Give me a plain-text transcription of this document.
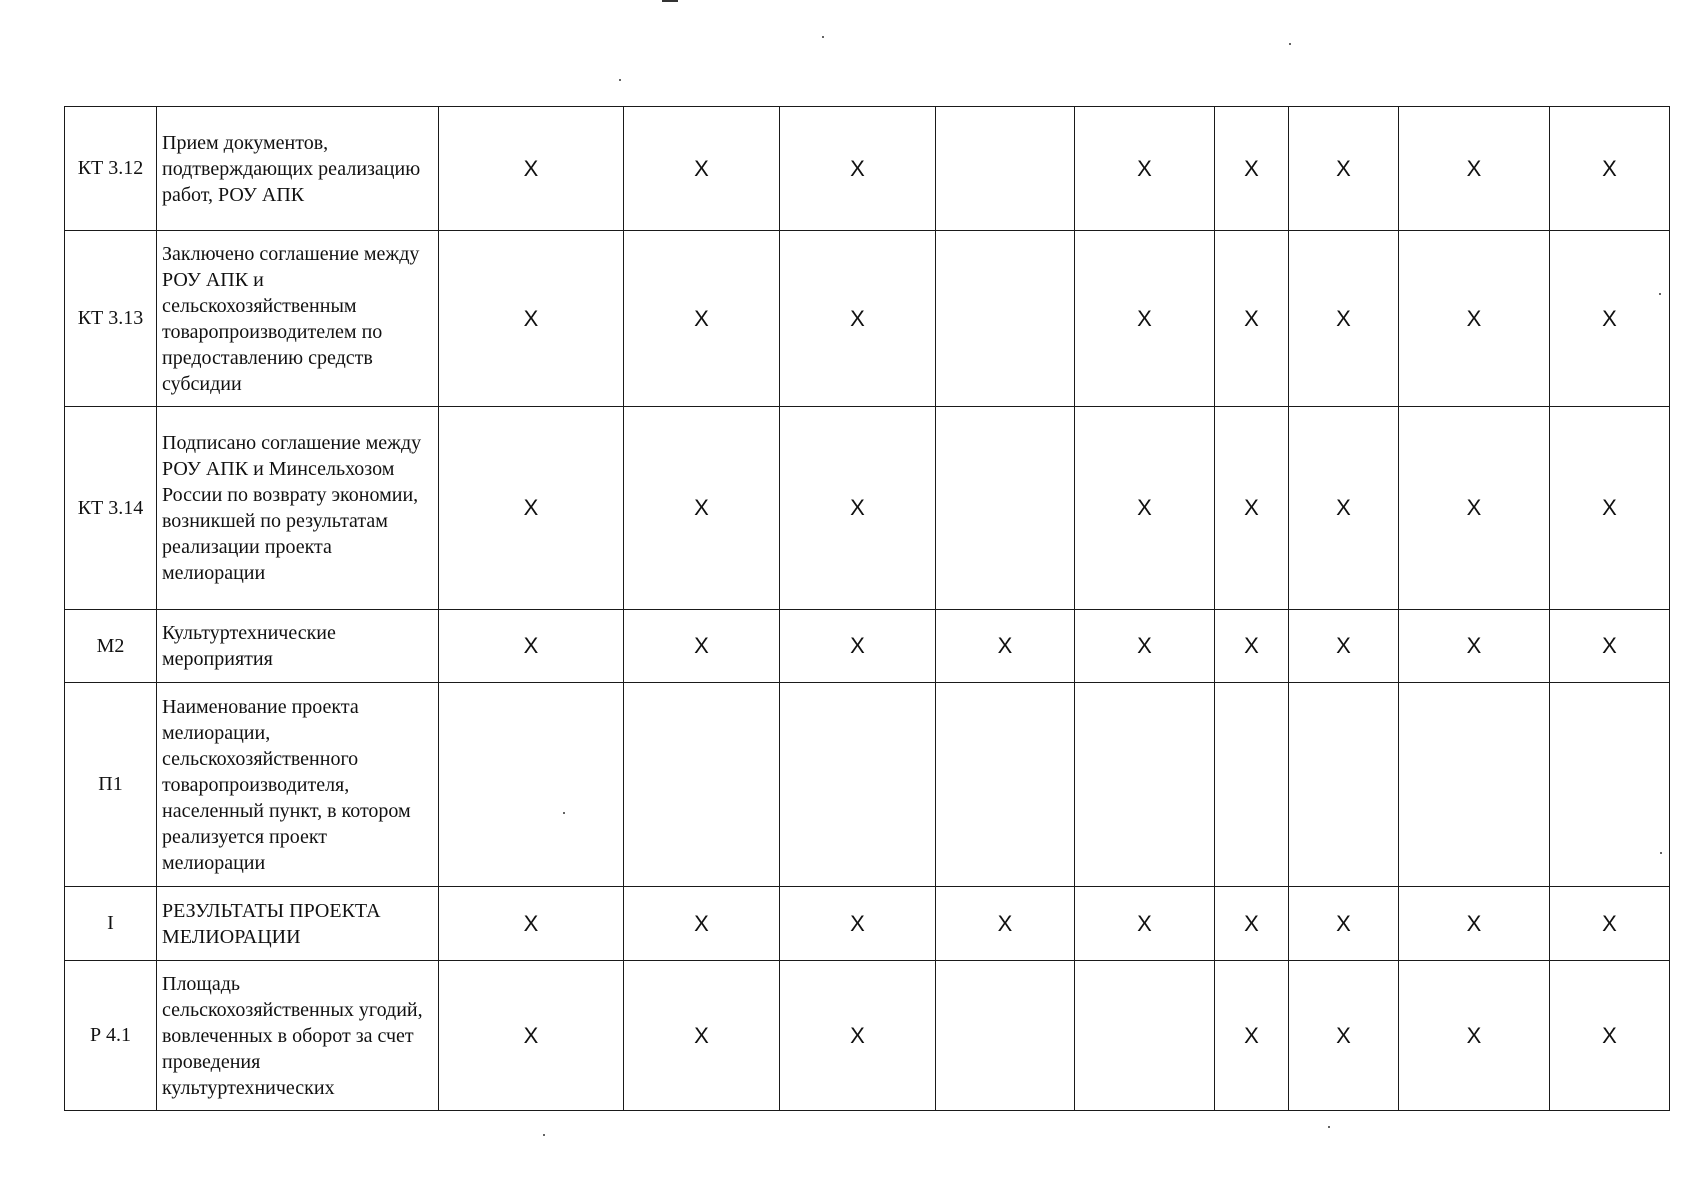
КТ 3.12	Прием документов, подтверждающих реализацию работ, РОУ АПК	X	X	X		X	X	X	X	X
КТ 3.13	Заключено соглашение между РОУ АПК и сельскохозяйственным товаропроизводителем по предоставлению средств субсидии	X	X	X		X	X	X	X	X
КТ 3.14	Подписано соглашение между РОУ АПК и Минсельхозом России по возврату экономии, возникшей по результатам реализации проекта мелиорации	X	X	X		X	X	X	X	X
М2	Культуртехнические мероприятия	X	X	X	X	X	X	X	X	X
П1	Наименование проекта мелиорации, сельскохозяйственного товаропроизводителя, населенный пункт, в котором реализуется проект мелиорации									
I	РЕЗУЛЬТАТЫ ПРОЕКТА МЕЛИОРАЦИИ	X	X	X	X	X	X	X	X	X
Р 4.1	Площадь сельскохозяйственных угодий, вовлеченных в оборот за счет проведения культуртехнических	X	X	X			X	X	X	X
